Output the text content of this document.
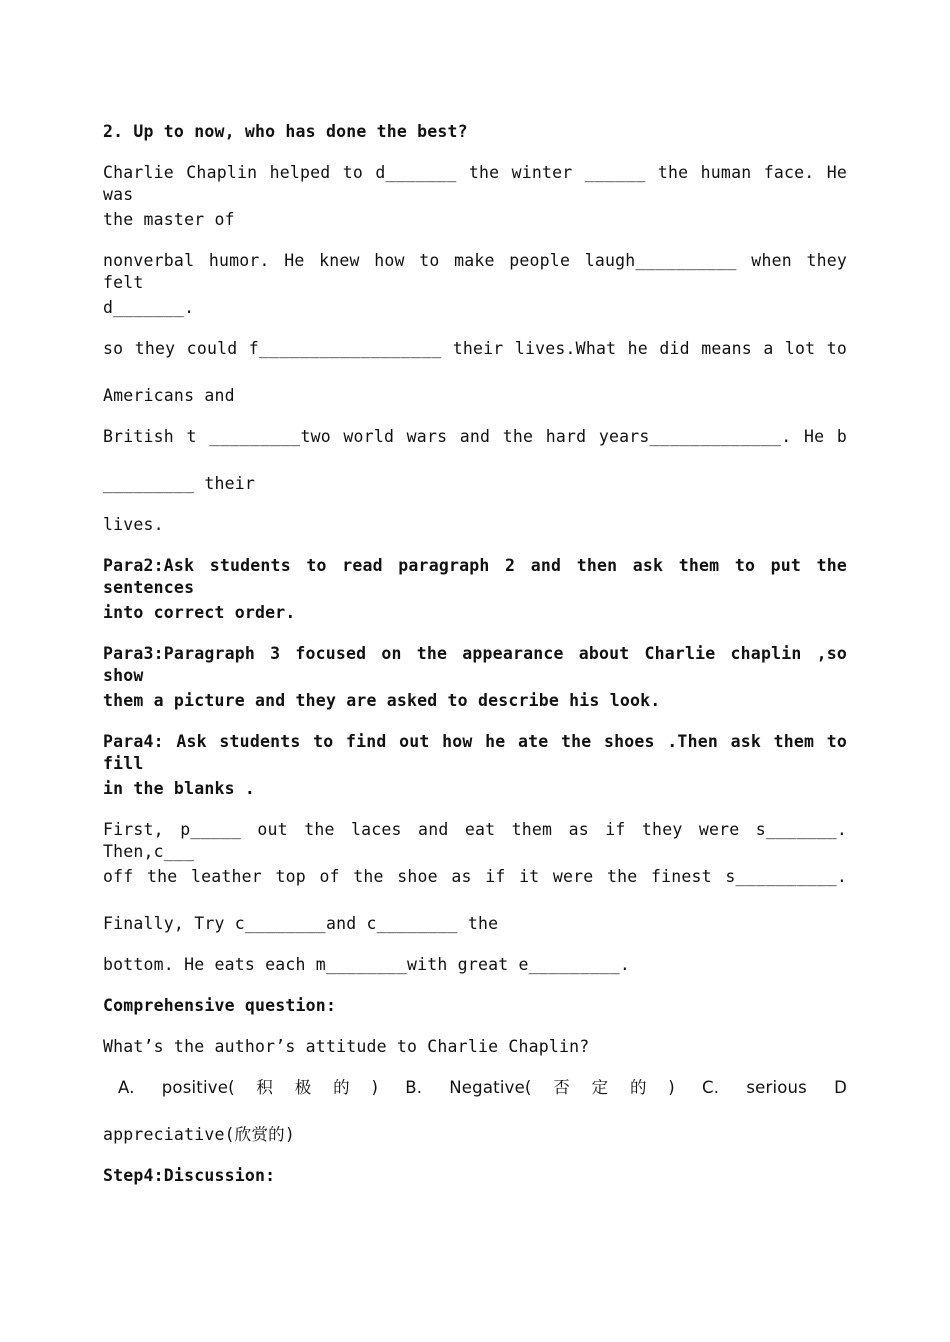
2. Up to now, who has done the best?
Charlie Chaplin helped to d_______ the winter ______ the human face. He was
the master of
nonverbal humor. He knew how to make people laugh__________ when they felt
d_______.
so they could f__________________ their lives.What he did means a lot to
Americans and
British t _________two world wars and the hard years_____________. He b
_________ their
lives.
Para2:Ask students to read paragraph 2 and then ask them to put the sentences
into correct order.
Para3:Paragraph 3 focused on the appearance about Charlie chaplin ,so show
them a picture and they are asked to describe his look.
Para4: Ask students to find out how he ate the shoes .Then ask them to fill
in the blanks .
First, p_____ out the laces and eat them as if they were s_______. Then,c___
off the leather top of the shoe as if it were the finest s__________.
Finally, Try c________and c________ the
bottom. He eats each m________with great e_________.
Comprehensive question:
What’s the author’s attitude to Charlie Chaplin?
A. positive(积极的) B. Negative(否定的) C. serious D
appreciative(欣赏的)
Step4:Discussion:
